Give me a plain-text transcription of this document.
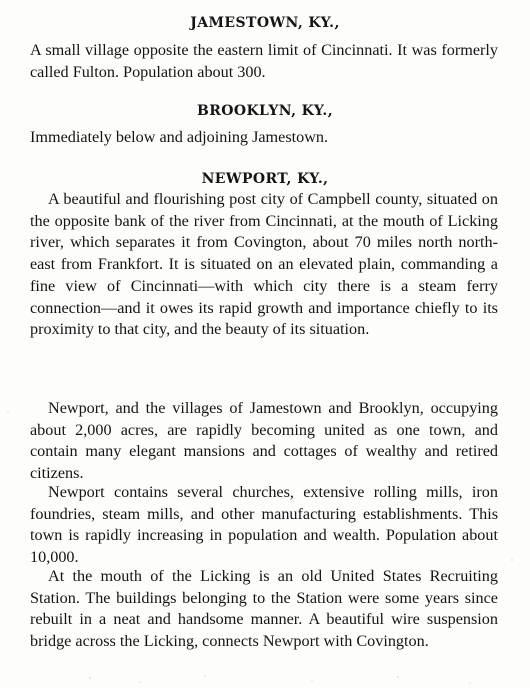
JAMESTOWN, KY.,

A small village opposite the eastern limit of Cincinnati. It was formerly called Fulton. Population about 300.

BROOKLYN, KY.,

Immediately below and adjoining Jamestown.

NEWPORT, KY.,

A beautiful and flourishing post city of Campbell county, situated on the opposite bank of the river from Cincinnati, at the mouth of Licking river, which separates it from Covington, about 70 miles north north-east from Frankfort. It is situated on an elevated plain, commanding a fine view of Cincinnati—with which city there is a steam ferry connection—and it owes its rapid growth and importance chiefly to its proximity to that city, and the beauty of its situation.

Newport, and the villages of Jamestown and Brooklyn, occupying about 2,000 acres, are rapidly becoming united as one town, and contain many elegant mansions and cottages of wealthy and retired citizens.

Newport contains several churches, extensive rolling mills, iron foundries, steam mills, and other manufacturing establishments. This town is rapidly increasing in population and wealth. Population about 10,000.

At the mouth of the Licking is an old United States Recruiting Station. The buildings belonging to the Station were some years since rebuilt in a neat and handsome manner. A beautiful wire suspension bridge across the Licking, connects Newport with Covington.
